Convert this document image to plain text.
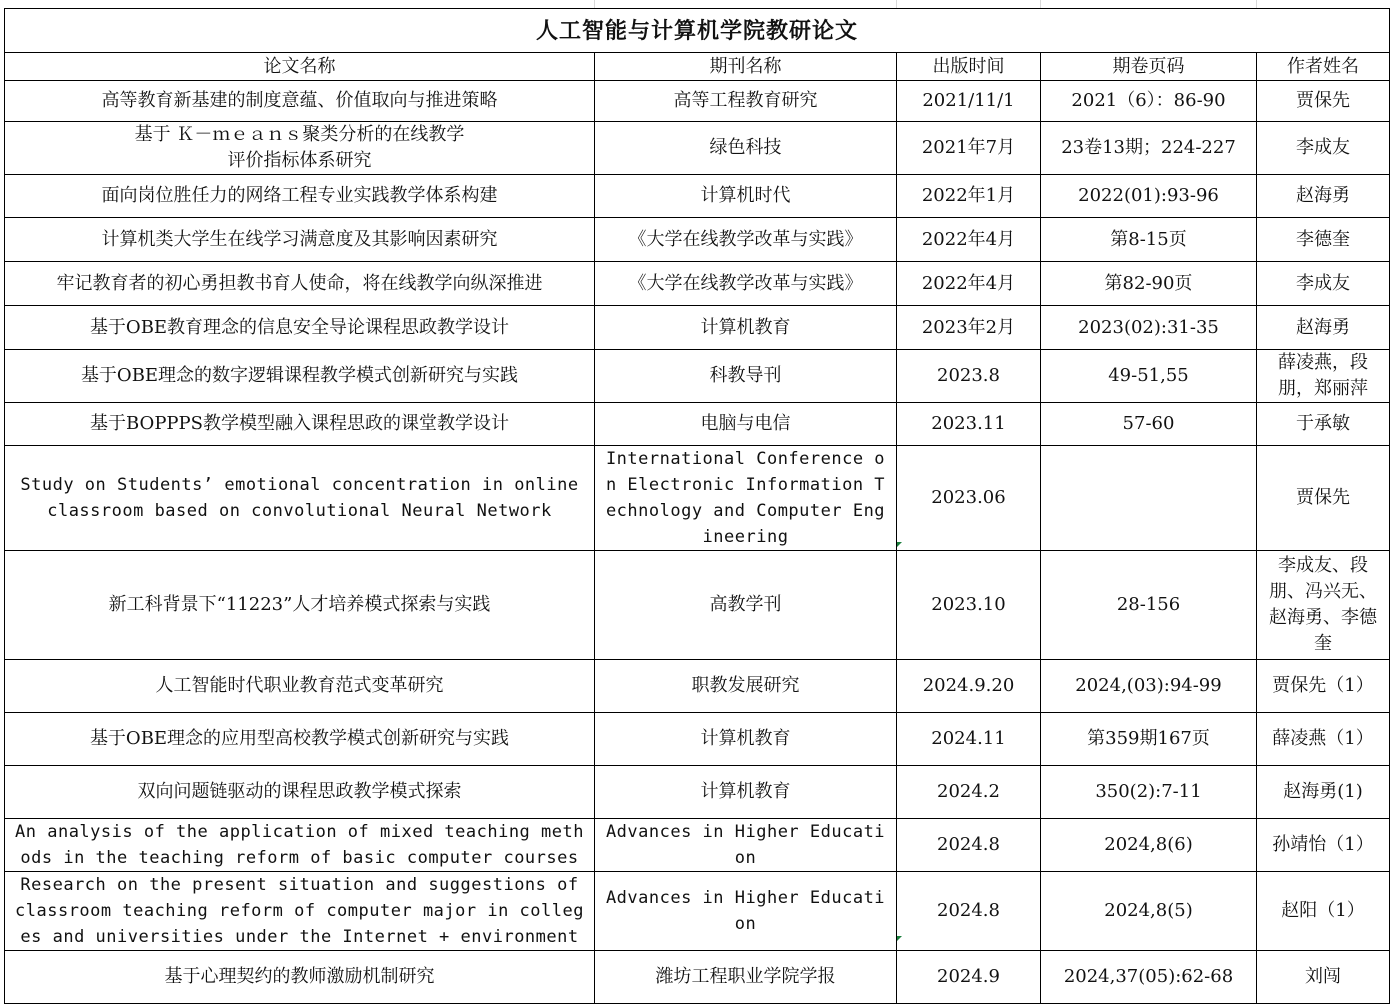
人工智能与计算机学院教研论文				
论文名称	期刊名称	出版时间	期卷页码	作者姓名
高等教育新基建的制度意蕴、价值取向与推进策略	高等工程教育研究	2021/11/1	2021（6）：86-90	贾保先
基于 Ｋ－ｍｅａｎｓ聚类分析的在线教学
评价指标体系研究	绿色科技	2021年7月	23卷13期；224-227	李成友
面向岗位胜任力的网络工程专业实践教学体系构建	计算机时代	2022年1月	2022(01):93-96	赵海勇
计算机类大学生在线学习满意度及其影响因素研究	《大学在线教学改革与实践》	2022年4月	第8-15页	李德奎
牢记教育者的初心勇担教书育人使命，将在线教学向纵深推进	《大学在线教学改革与实践》	2022年4月	第82-90页	李成友
基于OBE教育理念的信息安全导论课程思政教学设计	计算机教育	2023年2月	2023(02):31-35	赵海勇
基于OBE理念的数字逻辑课程教学模式创新研究与实践	科教导刊	2023.8	49-51,55	薛凌燕，段朋，郑丽萍
基于BOPPPS教学模型融入课程思政的课堂教学设计	电脑与电信	2023.11	57-60	于承敏
Study on Students’ emotional concentration in online classroom based on convolutional Neural Network	International Conference on Electronic Information Technology and Computer Engineering	2023.06		贾保先
新工科背景下“11223”人才培养模式探索与实践	高教学刊	2023.10	28-156	李成友、段朋、冯兴无、赵海勇、李德奎
人工智能时代职业教育范式变革研究	职教发展研究	2024.9.20	2024,(03):94-99	贾保先（1）
基于OBE理念的应用型高校教学模式创新研究与实践	计算机教育	2024.11	第359期167页	薛凌燕（1）
双向问题链驱动的课程思政教学模式探索	计算机教育	2024.2	350(2):7-11	赵海勇(1)
An analysis of the application of mixed teaching methods in the teaching reform of basic computer courses	Advances in Higher Education	2024.8	2024,8(6)	孙靖怡（1）
Research on the present situation and suggestions of classroom teaching reform of computer major in colleges and universities under the Internet + environment	Advances in Higher Education	2024.8	2024,8(5)	赵阳（1）
基于心理契约的教师激励机制研究	潍坊工程职业学院学报	2024.9	2024,37(05):62-68	刘闯
